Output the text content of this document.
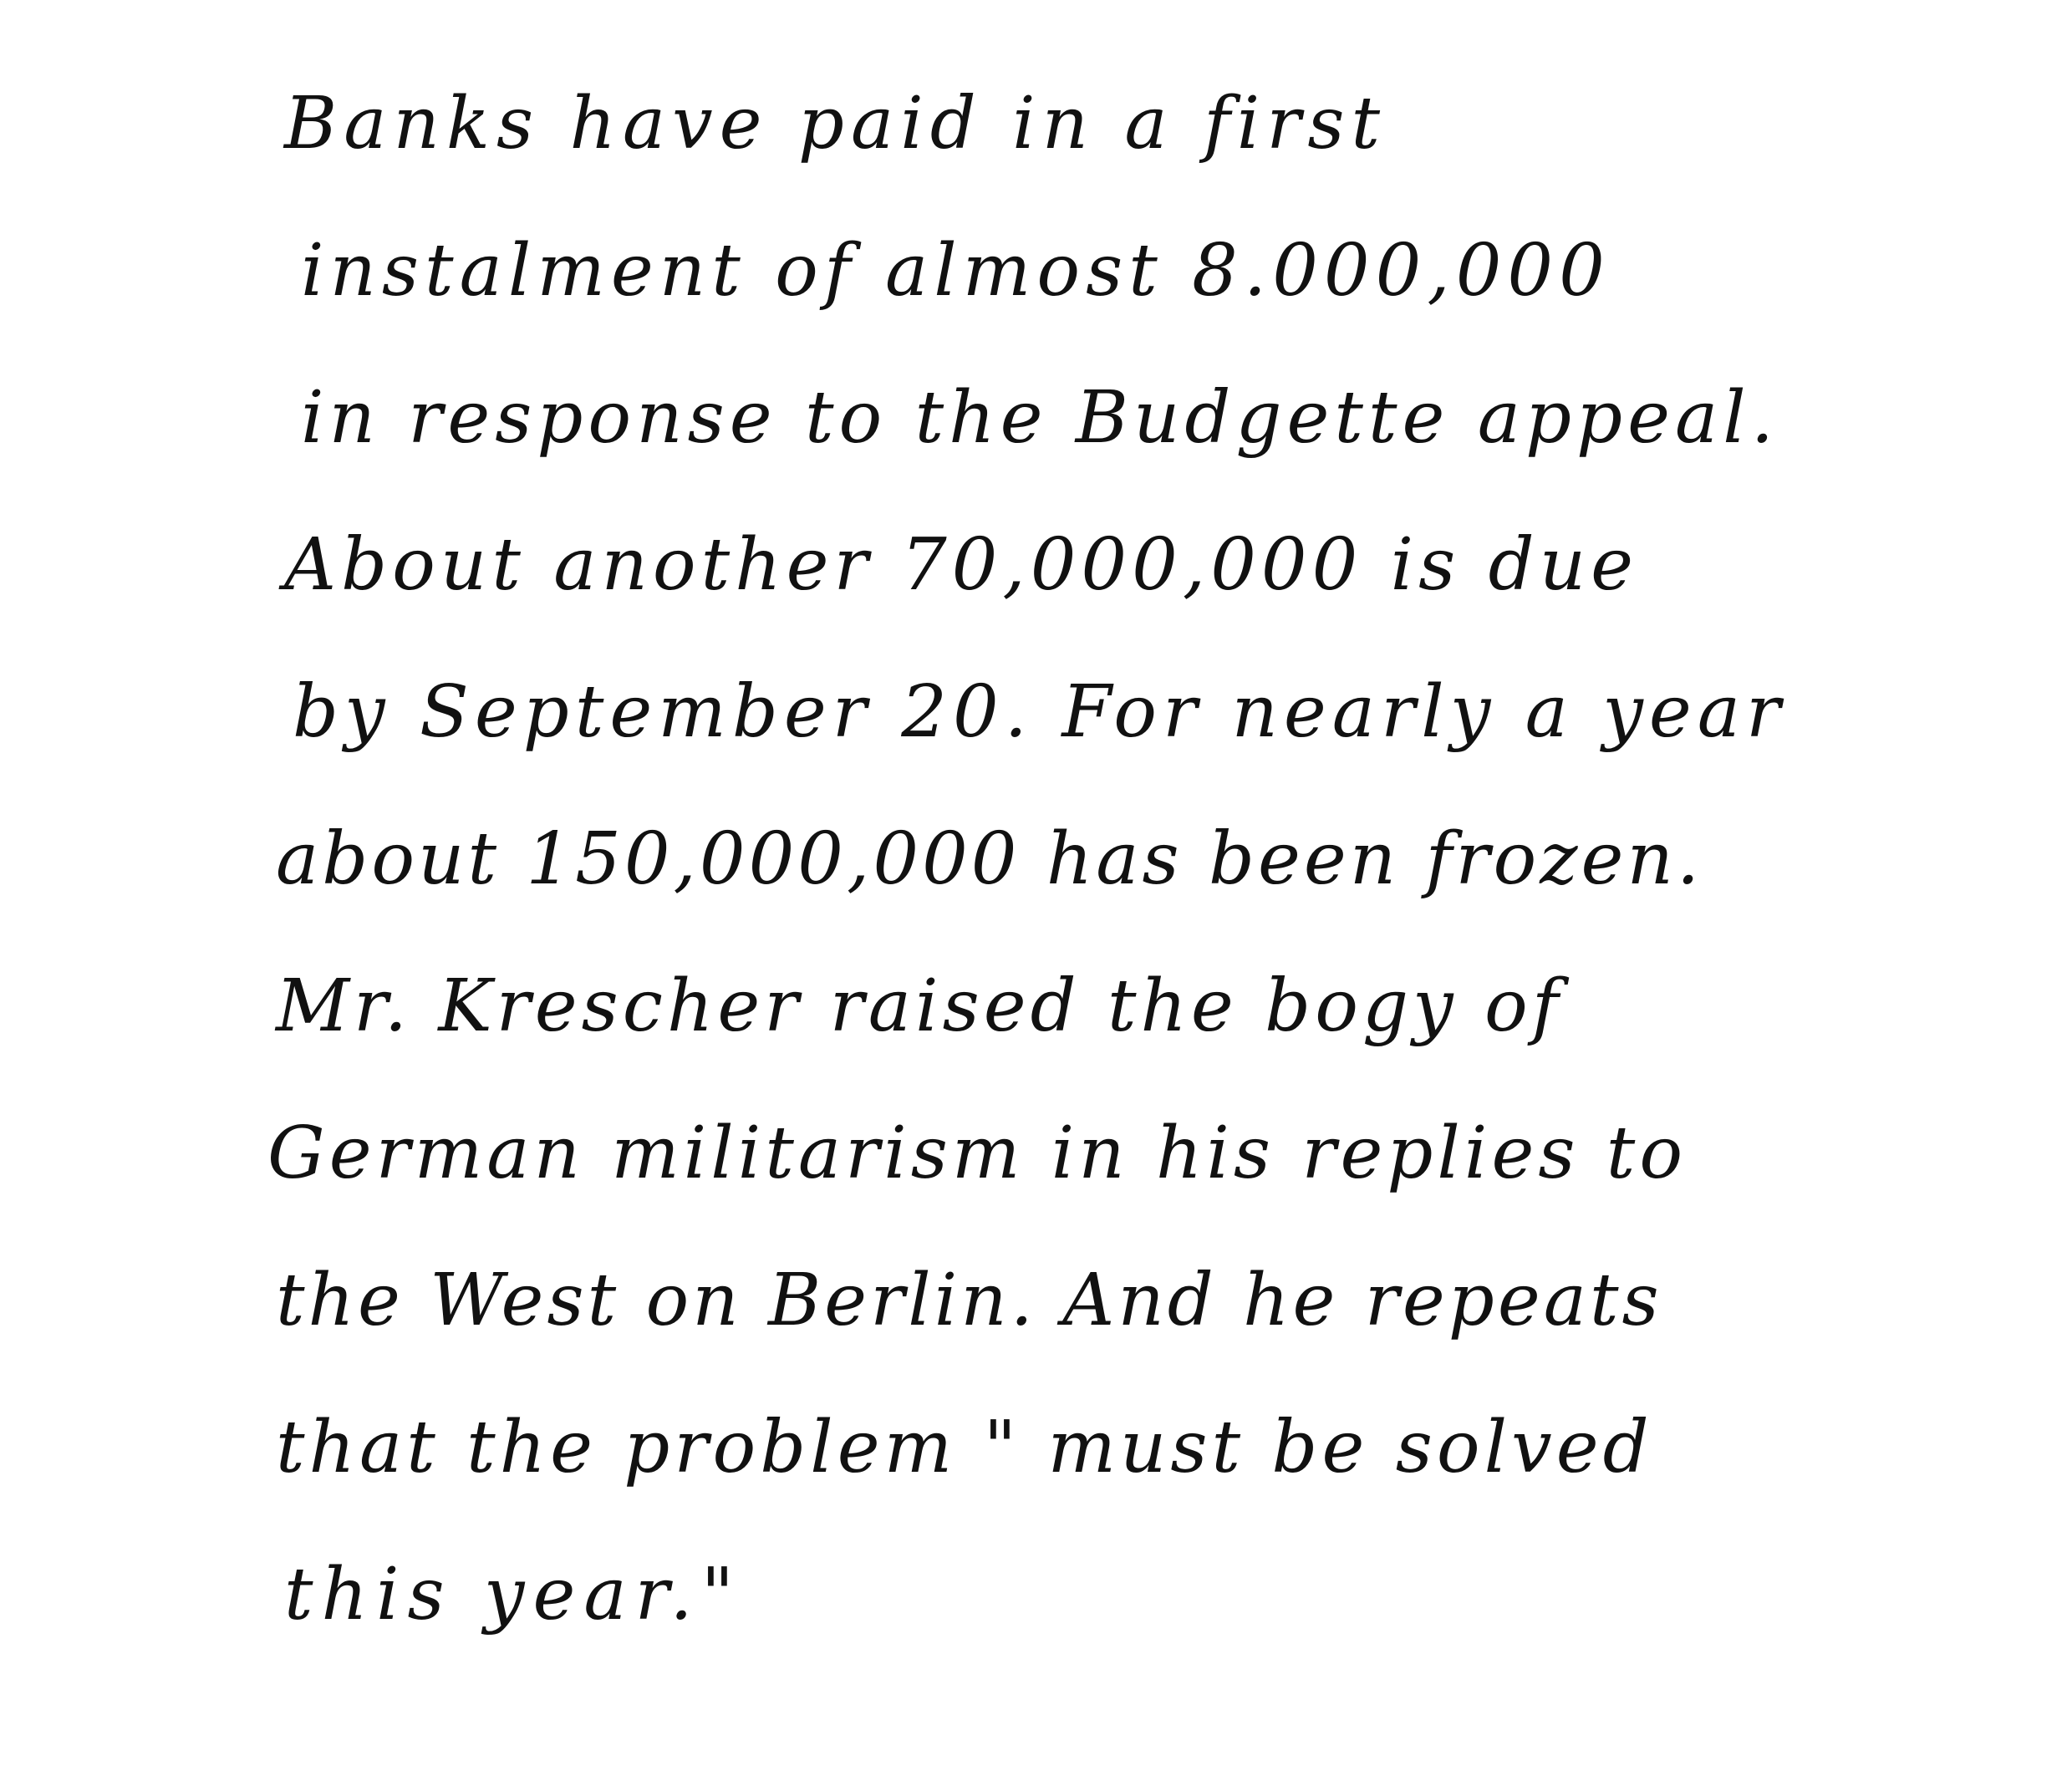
Banks have paid in a first
instalment of almost 8.000,000
in response to the Budgette appeal.
About another 70,000,000 is due
by September 20. For nearly a year
about 150,000,000 has been frozen.
Mr. Krescher raised the bogy of
German militarism in his replies to
the West on Berlin. And he repeats
that the problem " must be solved
this year."
